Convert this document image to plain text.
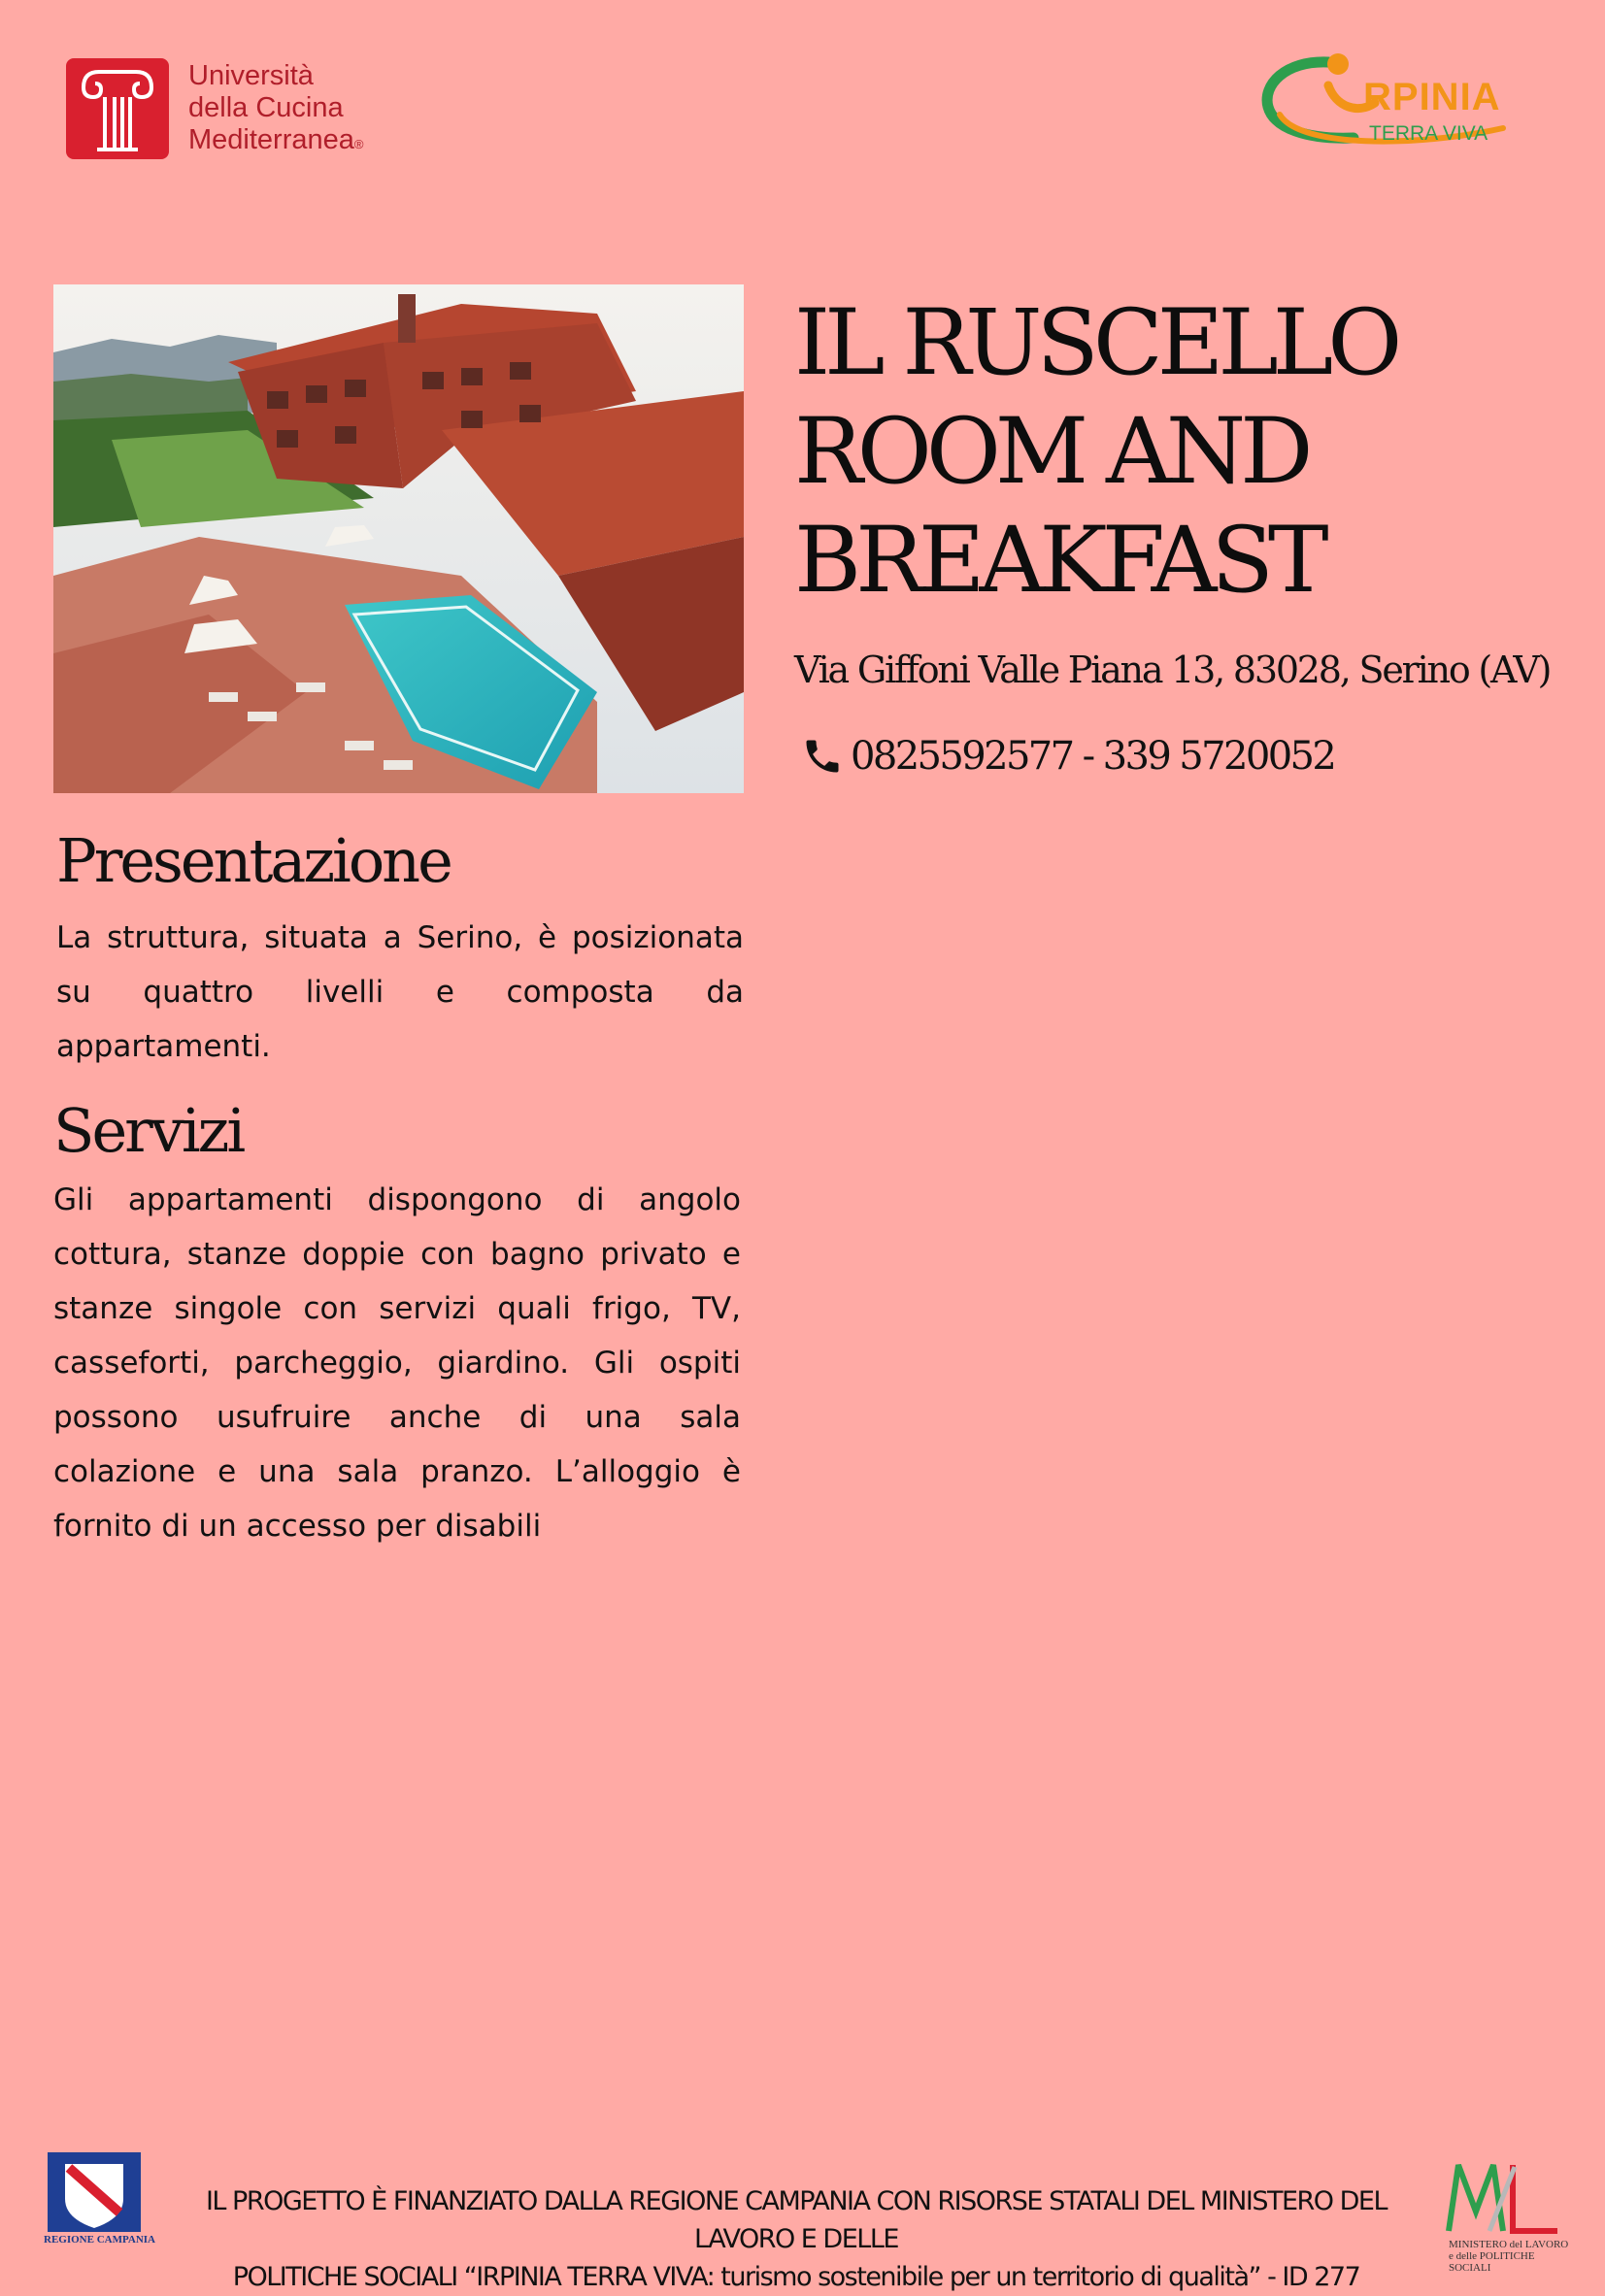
Università
della Cucina
Mediterranea®
RPINIA
TERRA VIVA
IL RUSCELLO
ROOM AND
BREAKFAST
Via Giffoni Valle Piana 13, 83028, Serino (AV)
0825592577 - 339 5720052
Presentazione

La struttura, situata a Serino, è posizionata su quattro livelli e composta da appartamenti.

Servizi

Gli appartamenti dispongono di angolo cottura, stanze doppie con bagno privato e stanze singole con servizi quali frigo, TV, casseforti, parcheggio, giardino. Gli ospiti possono usufruire anche di una sala colazione e una sala pranzo. L’alloggio è fornito di un accesso per disabili

REGIONE CAMPANIA

IL PROGETTO È FINANZIATO DALLA REGIONE CAMPANIA CON RISORSE STATALI DEL MINISTERO DEL LAVORO E DELLE
POLITICHE SOCIALI “IRPINIA TERRA VIVA: turismo sostenibile per un territorio di qualità” - ID 277

MINISTERO del LAVORO e delle POLITICHE SOCIALI
